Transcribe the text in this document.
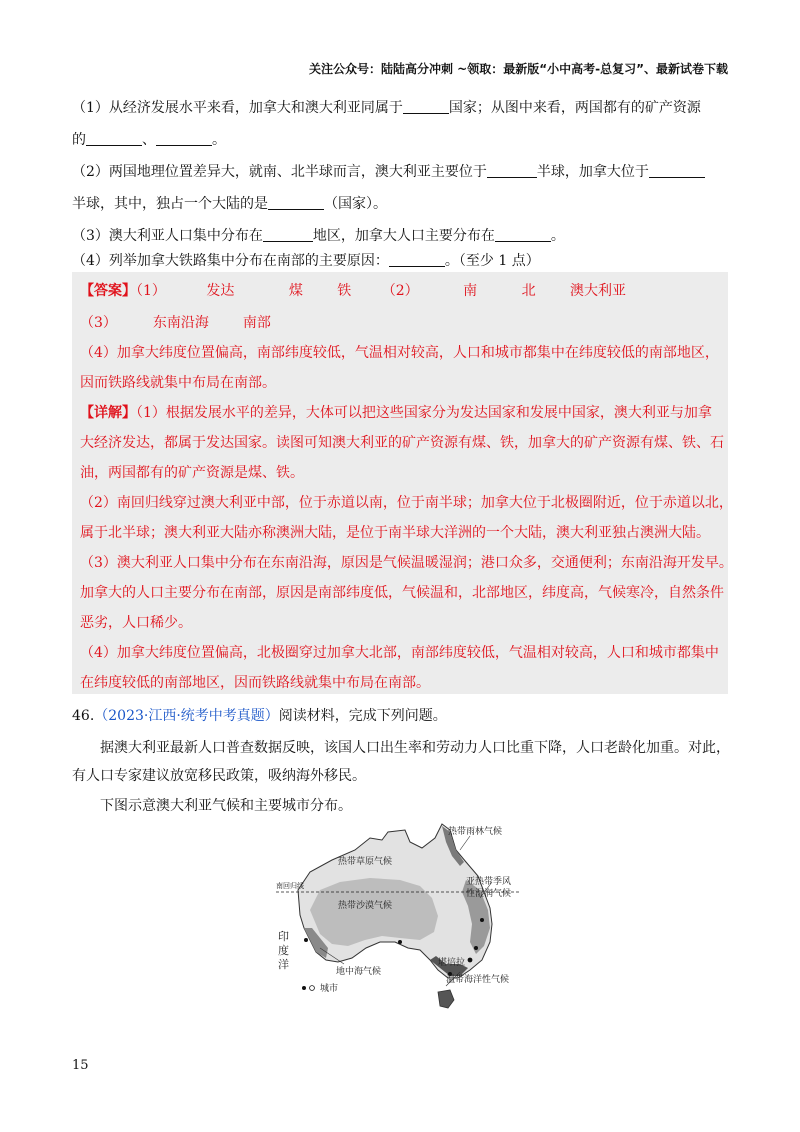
关注公众号：陆陆高分冲刺 ~领取：最新版“小中高考-总复习”、最新试卷下载
（1）从经济发展水平来看，加拿大和澳大利亚同属于	国家；从图中来看，两国都有的矿产资源
的	、	。
（2）两国地理位置差异大，就南、北半球而言，澳大利亚主要位于	半球，加拿大位于
半球，其中，独占一个大陆的是	（国家）。
（3）澳大利亚人口集中分布在	地区，加拿大人口主要分布在	。
（4）列举加拿大铁路集中分布在南部的主要原因：	。（至少 1 点）
【答案】（1）	发达	煤 铁 （2）	南	北 澳大利亚
（3）	东南沿海 南部
（4）加拿大纬度位置偏高，南部纬度较低，气温相对较高，人口和城市都集中在纬度较低的南部地区，
因而铁路线就集中布局在南部。
【详解】（1）根据发展水平的差异，大体可以把这些国家分为发达国家和发展中国家，澳大利亚与加拿
大经济发达，都属于发达国家。读图可知澳大利亚的矿产资源有煤、铁，加拿大的矿产资源有煤、铁、石
油，两国都有的矿产资源是煤、铁。
（2）南回归线穿过澳大利亚中部，位于赤道以南，位于南半球；加拿大位于北极圈附近，位于赤道以北，
属于北半球；澳大利亚大陆亦称澳洲大陆，是位于南半球大洋洲的一个大陆，澳大利亚独占澳洲大陆。
（3）澳大利亚人口集中分布在东南沿海，原因是气候温暖湿润；港口众多，交通便利；东南沿海开发早。
加拿大的人口主要分布在南部，原因是南部纬度低，气候温和，北部地区，纬度高，气候寒冷，自然条件
恶劣，人口稀少。
（4）加拿大纬度位置偏高，北极圈穿过加拿大北部，南部纬度较低，气温相对较高，人口和城市都集中
在纬度较低的南部地区，因而铁路线就集中布局在南部。
46.（2023·江西·统考中考真题）阅读材料，完成下列问题。
据澳大利亚最新人口普查数据反映，该国人口出生率和劳动力人口比重下降，人口老龄化加重。对此，
有人口专家建议放宽移民政策，吸纳海外移民。
下图示意澳大利亚气候和主要城市分布。
热带草原气候
热带雨林气候
南回归线
热带沙漠气候
亚热带季风
性湿润气候
印
度
洋
地中海气候
堪培拉
温带海洋性气候
城市
15
